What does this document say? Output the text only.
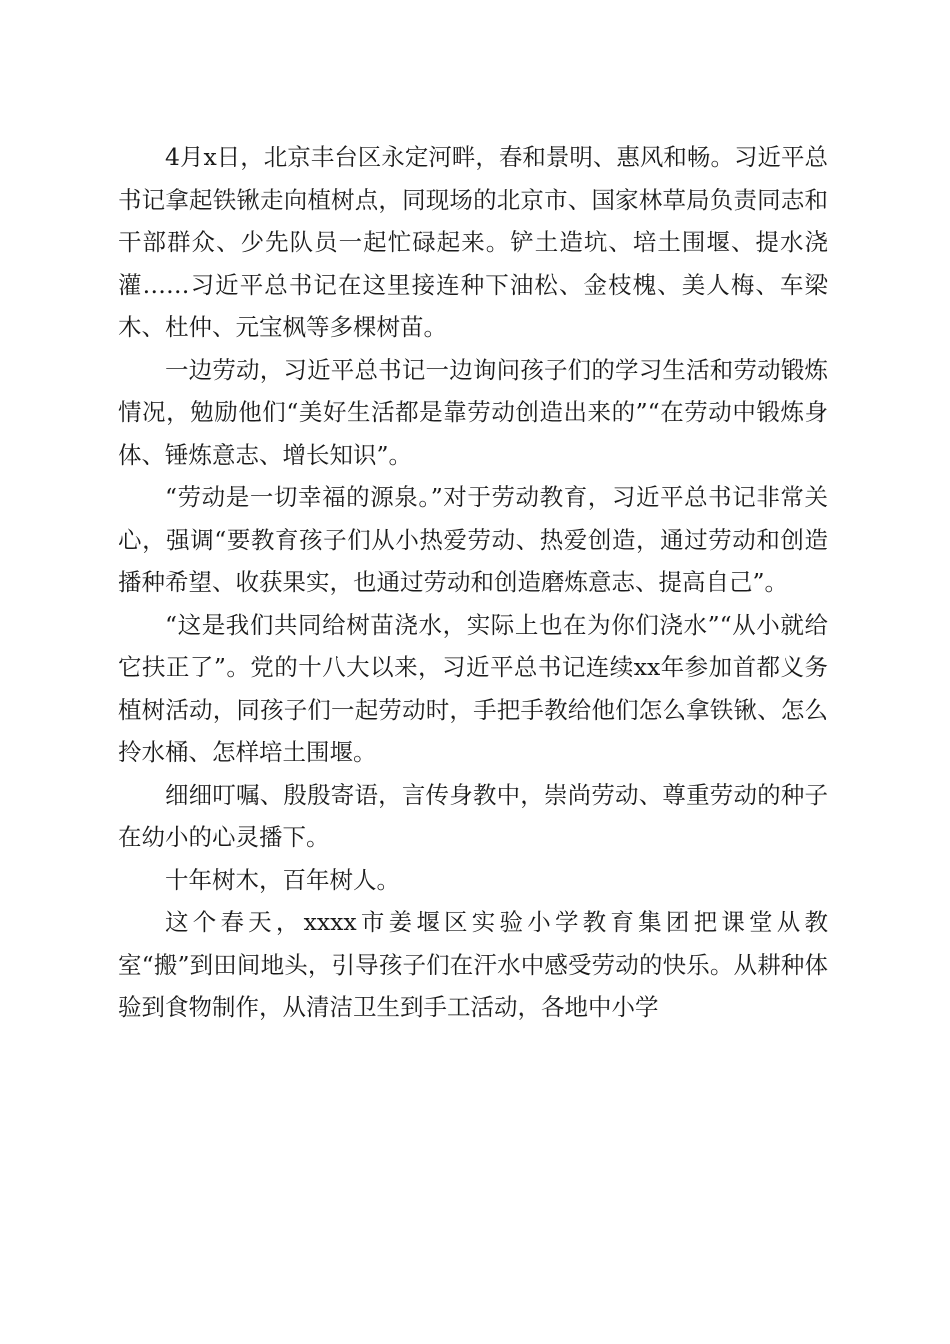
4月x日，北京丰台区永定河畔，春和景明、惠风和畅。习近平总书记拿起铁锹走向植树点，同现场的北京市、国家林草局负责同志和干部群众、少先队员一起忙碌起来。铲土造坑、培土围堰、提水浇灌……习近平总书记在这里接连种下油松、金枝槐、美人梅、车梁木、杜仲、元宝枫等多棵树苗。

一边劳动，习近平总书记一边询问孩子们的学习生活和劳动锻炼情况，勉励他们“美好生活都是靠劳动创造出来的”“在劳动中锻炼身体、锤炼意志、增长知识”。

“劳动是一切幸福的源泉。”对于劳动教育，习近平总书记非常关心，强调“要教育孩子们从小热爱劳动、热爱创造，通过劳动和创造播种希望、收获果实，也通过劳动和创造磨炼意志、提高自己”。

“这是我们共同给树苗浇水，实际上也在为你们浇水”“从小就给它扶正了”。党的十八大以来，习近平总书记连续xx年参加首都义务植树活动，同孩子们一起劳动时，手把手教给他们怎么拿铁锹、怎么拎水桶、怎样培土围堰。

细细叮嘱、殷殷寄语，言传身教中，崇尚劳动、尊重劳动的种子在幼小的心灵播下。

十年树木，百年树人。

这个春天，xxxx市姜堰区实验小学教育集团把课堂从教室“搬”到田间地头，引导孩子们在汗水中感受劳动的快乐。从耕种体验到食物制作，从清洁卫生到手工活动，各地中小学
